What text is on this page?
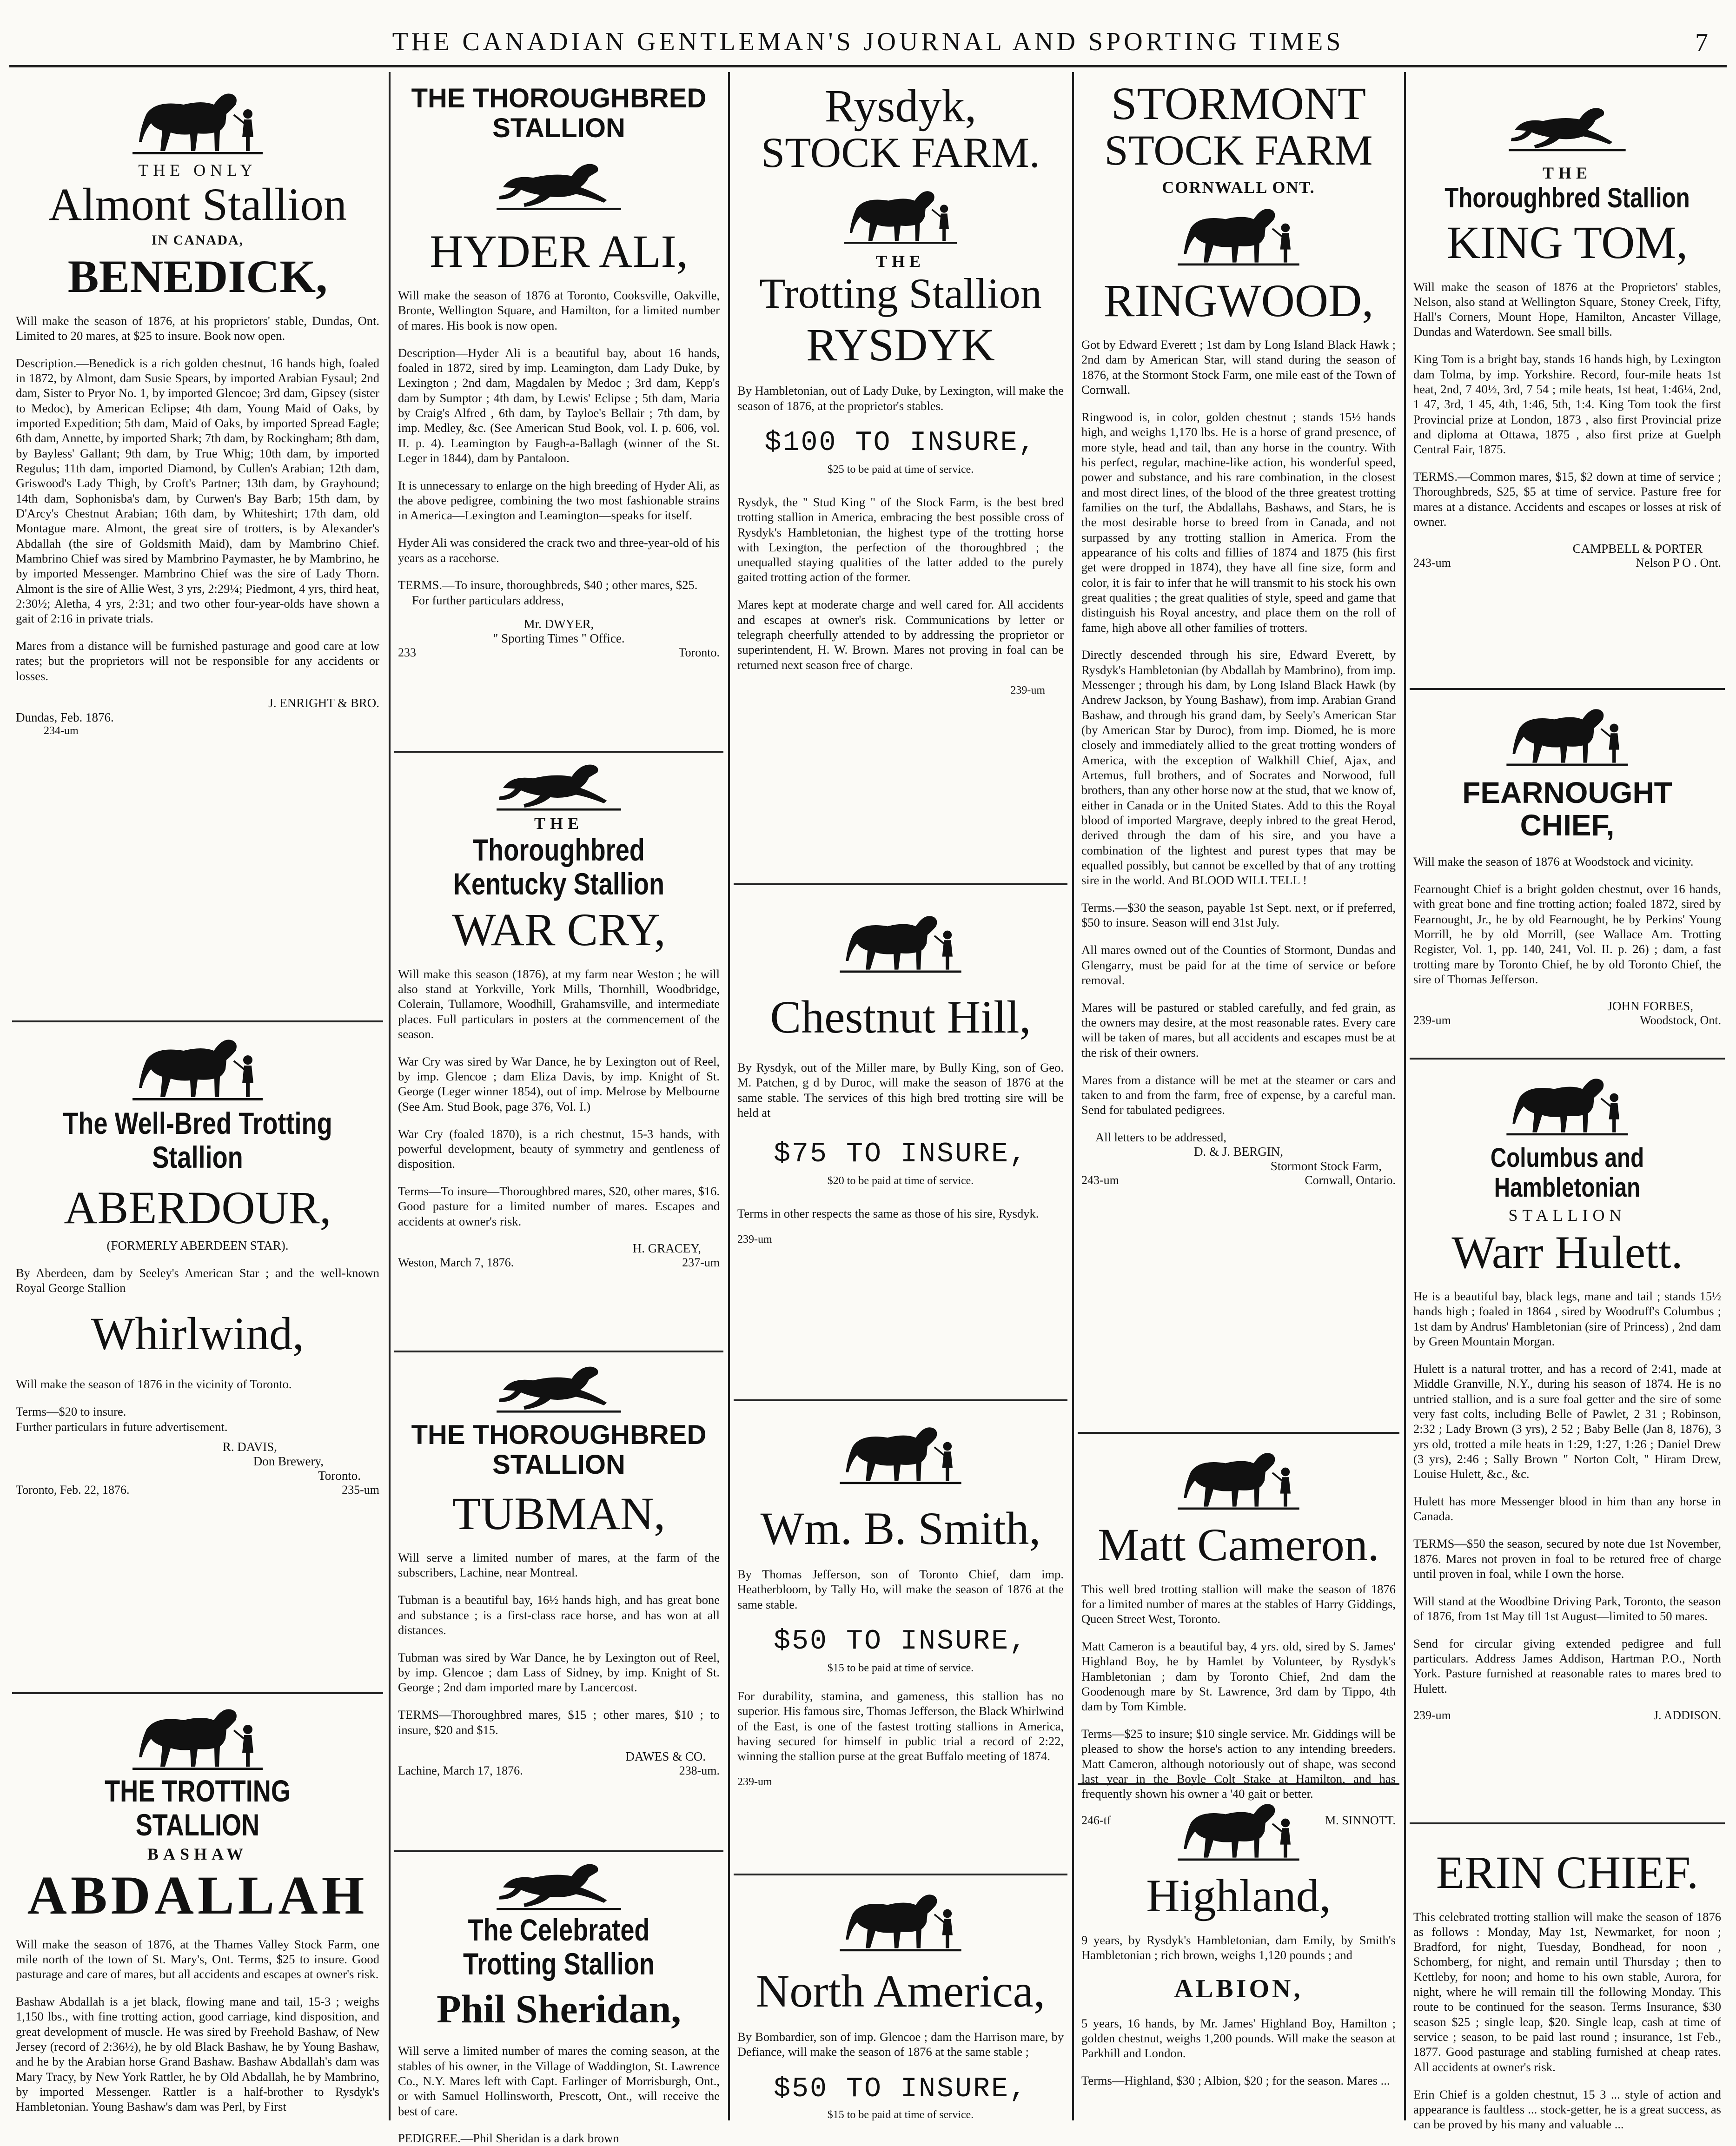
THE CANADIAN GENTLEMAN'S JOURNAL AND SPORTING TIMES	7
THE ONLY
Almont Stallion
IN CANADA,
BENEDICK,

Will make the season of 1876, at his proprietors' stable, Dundas, Ont. Limited to 20 mares, at $25 to insure. Book now open.

Description.—Benedick is a rich golden chestnut, 16 hands high, foaled in 1872, by Almont, dam Susie Spears, by imported Arabian Fysaul; 2nd dam, Sister to Pryor No. 1, by imported Glencoe; 3rd dam, Gipsey (sister to Medoc), by American Eclipse; 4th dam, Young Maid of Oaks, by imported Expedition; 5th dam, Maid of Oaks, by imported Spread Eagle; 6th dam, Annette, by imported Shark; 7th dam, by Rockingham; 8th dam, by Bayless' Gallant; 9th dam, by True Whig; 10th dam, by imported Regulus; 11th dam, imported Diamond, by Cullen's Arabian; 12th dam, Griswood's Lady Thigh, by Croft's Partner; 13th dam, by Grayhound; 14th dam, Sophonisba's dam, by Curwen's Bay Barb; 15th dam, by D'Arcy's Chestnut Arabian; 16th dam, by Whiteshirt; 17th dam, old Montague mare. Almont, the great sire of trotters, is by Alexander's Abdallah (the sire of Goldsmith Maid), dam by Mambrino Chief. Mambrino Chief was sired by Mambrino Paymaster, he by Mambrino, he by imported Messenger. Mambrino Chief was the sire of Lady Thorn. Almont is the sire of Allie West, 3 yrs, 2:29¼; Piedmont, 4 yrs, third heat, 2:30½; Aletha, 4 yrs, 2:31; and two other four-year-olds have shown a gait of 2:16 in private trials.

Mares from a distance will be furnished pasturage and good care at low rates; but the proprietors will not be responsible for any accidents or losses.

J. ENRIGHT & BRO.
Dundas, Feb. 1876.
234-um
The Well-Bred Trotting Stallion
ABERDOUR,
(FORMERLY ABERDEEN STAR).

By Aberdeen, dam by Seeley's American Star ; and the well-known Royal George Stallion

Whirlwind,

Will make the season of 1876 in the vicinity of Toronto.

Terms—$20 to insure.
Further particulars in future advertisement.
R. DAVIS,
Don Brewery,
Toronto.
Toronto, Feb. 22, 1876.	235-um
THE TROTTING STALLION
BASHAW
ABDALLAH

Will make the season of 1876, at the Thames Valley Stock Farm, one mile north of the town of St. Mary's, Ont. Terms, $25 to insure. Good pasturage and care of mares, but all accidents and escapes at owner's risk.

Bashaw Abdallah is a jet black, flowing mane and tail, 15-3 ; weighs 1,150 lbs., with fine trotting action, good carriage, kind disposition, and great development of muscle. He was sired by Freehold Bashaw, of New Jersey (record of 2:36½), he by old Black Bashaw, he by Young Bashaw, and he by the Arabian horse Grand Bashaw. Bashaw Abdallah's dam was Mary Tracy, by New York Rattler, he by Old Abdallah, he by Mambrino, by imported Messenger. Rattler is a half-brother to Rysdyk's Hambletonian. Young Bashaw's dam was Perl, by First

THE THOROUGHBRED STALLION
HYDER ALI,

Will make the season of 1876 at Toronto, Cooksville, Oakville, Bronte, Wellington Square, and Hamilton, for a limited number of mares. His book is now open.

Description—Hyder Ali is a beautiful bay, about 16 hands, foaled in 1872, sired by imp. Leamington, dam Lady Duke, by Lexington ; 2nd dam, Magdalen by Medoc ; 3rd dam, Kepp's dam by Sumptor ; 4th dam, by Lewis' Eclipse ; 5th dam, Maria by Craig's Alfred , 6th dam, by Tayloe's Bellair ; 7th dam, by imp. Medley, &c. (See American Stud Book, vol. I. p. 606, vol. II. p. 4). Leamington by Faugh-a-Ballagh (winner of the St. Leger in 1844), dam by Pantaloon.

It is unnecessary to enlarge on the high breeding of Hyder Ali, as the above pedigree, combining the two most fashionable strains in America—Lexington and Leamington—speaks for itself.

Hyder Ali was considered the crack two and three-year-old of his years as a racehorse.

TERMS.—To insure, thoroughbreds, $40 ; other mares, $25.
For further particulars address,
Mr. DWYER,
" Sporting Times " Office.
233	Toronto.
THE
Thoroughbred Kentucky Stallion
WAR CRY,

Will make this season (1876), at my farm near Weston ; he will also stand at Yorkville, York Mills, Thornhill, Woodbridge, Colerain, Tullamore, Woodhill, Grahamsville, and intermediate places. Full particulars in posters at the commencement of the season.

War Cry was sired by War Dance, he by Lexington out of Reel, by imp. Glencoe ; dam Eliza Davis, by imp. Knight of St. George (Leger winner 1854), out of imp. Melrose by Melbourne (See Am. Stud Book, page 376, Vol. I.)

War Cry (foaled 1870), is a rich chestnut, 15-3 hands, with powerful development, beauty of symmetry and gentleness of disposition.

Terms—To insure—Thoroughbred mares, $20, other mares, $16. Good pasture for a limited number of mares. Escapes and accidents at owner's risk.

H. GRACEY,
Weston, March 7, 1876.	237-um
THE THOROUGHBRED STALLION
TUBMAN,

Will serve a limited number of mares, at the farm of the subscribers, Lachine, near Montreal.

Tubman is a beautiful bay, 16½ hands high, and has great bone and substance ; is a first-class race horse, and has won at all distances.

Tubman was sired by War Dance, he by Lexington out of Reel, by imp. Glencoe ; dam Lass of Sidney, by imp. Knight of St. George ; 2nd dam imported mare by Lancercost.

TERMS—Thoroughbred mares, $15 ; other mares, $10 ; to insure, $20 and $15.

DAWES & CO.
Lachine, March 17, 1876.	238-um.
The Celebrated Trotting Stallion
Phil Sheridan,

Will serve a limited number of mares the coming season, at the stables of his owner, in the Village of Waddington, St. Lawrence Co., N.Y. Mares left with Capt. Farlinger of Morrisburgh, Ont., or with Samuel Hollinsworth, Prescott, Ont., will receive the best of care.

PEDIGREE.—Phil Sheridan is a dark brown
Rysdyk,
STOCK FARM.
THE
Trotting Stallion
RYSDYK

By Hambletonian, out of Lady Duke, by Lexington, will make the season of 1876, at the proprietor's stables.

$100 TO INSURE,
$25 to be paid at time of service.

Rysdyk, the " Stud King " of the Stock Farm, is the best bred trotting stallion in America, embracing the best possible cross of Rysdyk's Hambletonian, the highest type of the trotting horse with Lexington, the perfection of the thoroughbred ; the unequalled staying qualities of the latter added to the purely gaited trotting action of the former.

Mares kept at moderate charge and well cared for. All accidents and escapes at owner's risk. Communications by letter or telegraph cheerfully attended to by addressing the proprietor or superintendent, H. W. Brown. Mares not proving in foal can be returned next season free of charge.

239-um
Chestnut Hill,

By Rysdyk, out of the Miller mare, by Bully King, son of Geo. M. Patchen, g d by Duroc, will make the season of 1876 at the same stable. The services of this high bred trotting sire will be held at

$75 TO INSURE,
$20 to be paid at time of service.

Terms in other respects the same as those of his sire, Rysdyk.

239-um
Wm. B. Smith,

By Thomas Jefferson, son of Toronto Chief, dam imp. Heatherbloom, by Tally Ho, will make the season of 1876 at the same stable.

$50 TO INSURE,
$15 to be paid at time of service.

For durability, stamina, and gameness, this stallion has no superior. His famous sire, Thomas Jefferson, the Black Whirlwind of the East, is one of the fastest trotting stallions in America, having secured for himself in public trial a record of 2:22, winning the stallion purse at the great Buffalo meeting of 1874.

239-um
North America,

By Bombardier, son of imp. Glencoe ; dam the Harrison mare, by Defiance, will make the season of 1876 at the same stable ;

$50 TO INSURE,
$15 to be paid at time of service.
STORMONT
STOCK FARM
CORNWALL ONT.
RINGWOOD,

Got by Edward Everett ; 1st dam by Long Island Black Hawk ; 2nd dam by American Star, will stand during the season of 1876, at the Stormont Stock Farm, one mile east of the Town of Cornwall.

Ringwood is, in color, golden chestnut ; stands 15½ hands high, and weighs 1,170 lbs. He is a horse of grand presence, of more style, head and tail, than any horse in the country. With his perfect, regular, machine-like action, his wonderful speed, power and substance, and his rare combination, in the closest and most direct lines, of the blood of the three greatest trotting families on the turf, the Abdallahs, Bashaws, and Stars, he is the most desirable horse to breed from in Canada, and not surpassed by any trotting stallion in America. From the appearance of his colts and fillies of 1874 and 1875 (his first get were dropped in 1874), they have all fine size, form and color, it is fair to infer that he will transmit to his stock his own great qualities ; the great qualities of style, speed and game that distinguish his Royal ancestry, and place them on the roll of fame, high above all other families of trotters.

Directly descended through his sire, Edward Everett, by Rysdyk's Hambletonian (by Abdallah by Mambrino), from imp. Messenger ; through his dam, by Long Island Black Hawk (by Andrew Jackson, by Young Bashaw), from imp. Arabian Grand Bashaw, and through his grand dam, by Seely's American Star (by American Star by Duroc), from imp. Diomed, he is more closely and immediately allied to the great trotting wonders of America, with the exception of Walkhill Chief, Ajax, and Artemus, full brothers, and of Socrates and Norwood, full brothers, than any other horse now at the stud, that we know of, either in Canada or in the United States. Add to this the Royal blood of imported Margrave, deeply inbred to the great Herod, derived through the dam of his sire, and you have a combination of the lightest and purest types that may be equalled possibly, but cannot be excelled by that of any trotting sire in the world. And BLOOD WILL TELL !

Terms.—$30 the season, payable 1st Sept. next, or if preferred, $50 to insure. Season will end 31st July.

All mares owned out of the Counties of Stormont, Dundas and Glengarry, must be paid for at the time of service or before removal.

Mares will be pastured or stabled carefully, and fed grain, as the owners may desire, at the most reasonable rates. Every care will be taken of mares, but all accidents and escapes must be at the risk of their owners.

Mares from a distance will be met at the steamer or cars and taken to and from the farm, free of expense, by a careful man. Send for tabulated pedigrees.

All letters to be addressed,
D. & J. BERGIN,
Stormont Stock Farm,
243-um	Cornwall, Ontario.
Matt Cameron.

This well bred trotting stallion will make the season of 1876 for a limited number of mares at the stables of Harry Giddings, Queen Street West, Toronto.

Matt Cameron is a beautiful bay, 4 yrs. old, sired by S. James' Highland Boy, he by Hamlet by Volunteer, by Rysdyk's Hambletonian ; dam by Toronto Chief, 2nd dam the Goodenough mare by St. Lawrence, 3rd dam by Tippo, 4th dam by Tom Kimble.

Terms—$25 to insure; $10 single service. Mr. Giddings will be pleased to show the horse's action to any intending breeders. Matt Cameron, although notoriously out of shape, was second last year in the Boyle Colt Stake at Hamilton, and has frequently shown his owner a '40 gait or better.

246-tf	M. SINNOTT.
Highland,

9 years, by Rysdyk's Hambletonian, dam Emily, by Smith's Hambletonian ; rich brown, weighs 1,120 pounds ; and

ALBION,

5 years, 16 hands, by Mr. James' Highland Boy, Hamilton ; golden chestnut, weighs 1,200 pounds. Will make the season at Parkhill and London.

Terms—Highland, $30 ; Albion, $20 ; for the season. Mares ...
THE
Thoroughbred Stallion
KING TOM,

Will make the season of 1876 at the Proprietors' stables, Nelson, also stand at Wellington Square, Stoney Creek, Fifty, Hall's Corners, Mount Hope, Hamilton, Ancaster Village, Dundas and Waterdown. See small bills.

King Tom is a bright bay, stands 16 hands high, by Lexington dam Tolma, by imp. Yorkshire. Record, four-mile heats 1st heat, 2nd, 7 40½, 3rd, 7 54 ; mile heats, 1st heat, 1:46¼, 2nd, 1 47, 3rd, 1 45, 4th, 1:46, 5th, 1:4. King Tom took the first Provincial prize at London, 1873 , also first Provincial prize and diploma at Ottawa, 1875 , also first prize at Guelph Central Fair, 1875.

TERMS.—Common mares, $15, $2 down at time of service ; Thoroughbreds, $25, $5 at time of service. Pasture free for mares at a distance. Accidents and escapes or losses at risk of owner.

CAMPBELL & PORTER
243-um	Nelson P O . Ont.
FEARNOUGHT CHIEF,

Will make the season of 1876 at Woodstock and vicinity.

Fearnought Chief is a bright golden chestnut, over 16 hands, with great bone and fine trotting action; foaled 1872, sired by Fearnought, Jr., he by old Fearnought, he by Perkins' Young Morrill, he by old Morrill, (see Wallace Am. Trotting Register, Vol. 1, pp. 140, 241, Vol. II. p. 26) ; dam, a fast trotting mare by Toronto Chief, he by old Toronto Chief, the sire of Thomas Jefferson.

JOHN FORBES,
239-um	Woodstock, Ont.
Columbus and Hambletonian
STALLION
Warr Hulett.

He is a beautiful bay, black legs, mane and tail ; stands 15½ hands high ; foaled in 1864 , sired by Woodruff's Columbus ; 1st dam by Andrus' Hambletonian (sire of Princess) , 2nd dam by Green Mountain Morgan.

Hulett is a natural trotter, and has a record of 2:41, made at Middle Granville, N.Y., during his season of 1874. He is no untried stallion, and is a sure foal getter and the sire of some very fast colts, including Belle of Pawlet, 2 31 ; Robinson, 2:32 ; Lady Brown (3 yrs), 2 52 ; Baby Belle (Jan 8, 1876), 3 yrs old, trotted a mile heats in 1:29, 1:27, 1:26 ; Daniel Drew (3 yrs), 2:46 ; Sally Brown " Norton Colt, " Hiram Drew, Louise Hulett, &c., &c.

Hulett has more Messenger blood in him than any horse in Canada.

TERMS—$50 the season, secured by note due 1st November, 1876. Mares not proven in foal to be retured free of charge until proven in foal, while I own the horse.

Will stand at the Woodbine Driving Park, Toronto, the season of 1876, from 1st May till 1st August—limited to 50 mares.

Send for circular giving extended pedigree and full particulars. Address James Addison, Hartman P.O., North York. Pasture furnished at reasonable rates to mares bred to Hulett.

239-um	J. ADDISON.
ERIN CHIEF.

This celebrated trotting stallion will make the season of 1876 as follows : Monday, May 1st, Newmarket, for noon ; Bradford, for night, Tuesday, Bondhead, for noon , Schomberg, for night, and remain until Thursday ; then to Kettleby, for noon; and home to his own stable, Aurora, for night, where he will remain till the following Monday. This route to be continued for the season. Terms Insurance, $30 season $25 ; single leap, $20. Single leap, cash at time of service ; season, to be paid last round ; insurance, 1st Feb., 1877. Good pasturage and stabling furnished at cheap rates. All accidents at owner's risk.

Erin Chief is a golden chestnut, 15 3 ... style of action and appearance is faultless ... stock-getter, he is a great success, as can be proved by his many and valuable ...
